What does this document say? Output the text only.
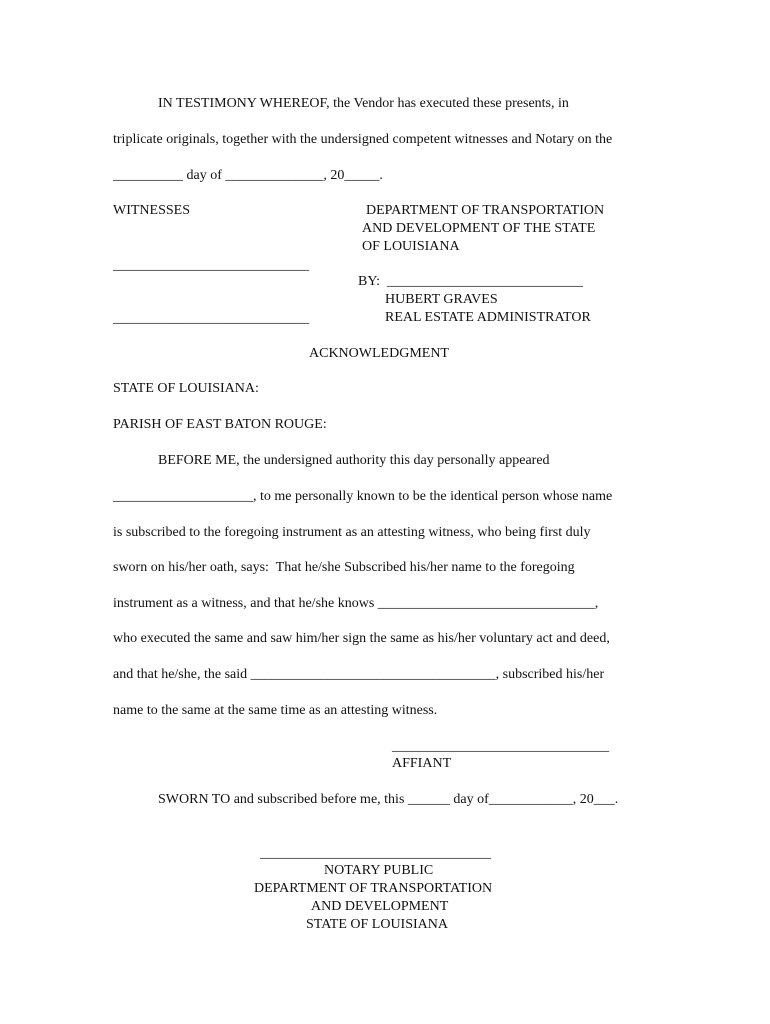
IN TESTIMONY WHEREOF, the Vendor has executed these presents, in
triplicate originals, together with the undersigned competent witnesses and Notary on the
__________ day of ______________, 20_____.
WITNESSES	DEPARTMENT OF TRANSPORTATION
AND DEVELOPMENT OF THE STATE
OF LOUISIANA
____________________________
BY:  ____________________________
HUBERT GRAVES
____________________________	REAL ESTATE ADMINISTRATOR
ACKNOWLEDGMENT
STATE OF LOUISIANA:
PARISH OF EAST BATON ROUGE:
BEFORE ME, the undersigned authority this day personally appeared
____________________, to me personally known to be the identical person whose name
is subscribed to the foregoing instrument as an attesting witness, who being first duly
sworn on his/her oath, says:  That he/she Subscribed his/her name to the foregoing
instrument as a witness, and that he/she knows _______________________________,
who executed the same and saw him/her sign the same as his/her voluntary act and deed,
and that he/she, the said ___________________________________, subscribed his/her
name to the same at the same time as an attesting witness.
_______________________________
AFFIANT
SWORN TO and subscribed before me, this ______ day of____________, 20___.
_________________________________
NOTARY PUBLIC
DEPARTMENT OF TRANSPORTATION
AND DEVELOPMENT
STATE OF LOUISIANA
